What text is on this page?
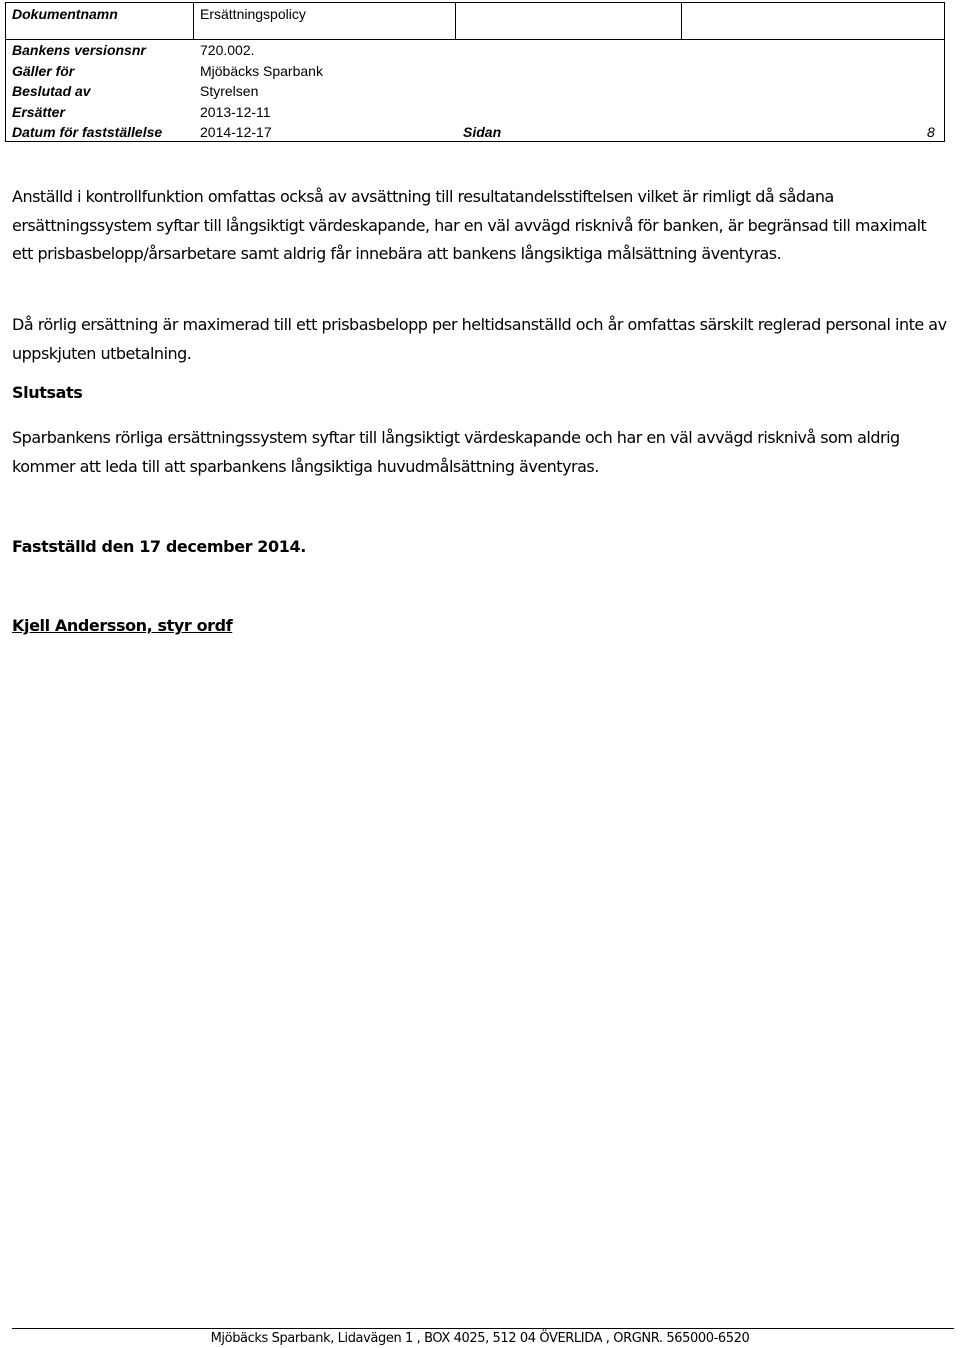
Dokumentnamn	Ersättningspolicy
Bankens versionsnr	720.002.
Gäller för	Mjöbäcks Sparbank
Beslutad av	Styrelsen
Ersätter	2013-12-11
Datum för fastställelse	2014-12-17	Sidan	8

Anställd i kontrollfunktion omfattas också av avsättning till resultatandelsstiftelsen vilket är rimligt då sådana ersättningssystem syftar till långsiktigt värdeskapande, har en väl avvägd risknivå för banken, är begränsad till maximalt ett prisbasbelopp/årsarbetare samt aldrig får innebära att bankens långsiktiga målsättning äventyras.

Då rörlig ersättning är maximerad till ett prisbasbelopp per heltidsanställd och år omfattas särskilt reglerad personal inte av uppskjuten utbetalning.

Slutsats

Sparbankens rörliga ersättningssystem syftar till långsiktigt värdeskapande och har en väl avvägd risknivå som aldrig kommer att leda till att sparbankens långsiktiga huvudmålsättning äventyras.

Fastställd den 17 december 2014.

Kjell Andersson, styr ordf

Mjöbäcks Sparbank, Lidavägen 1 , BOX 4025, 512 04 ÖVERLIDA , ORGNR. 565000-6520
